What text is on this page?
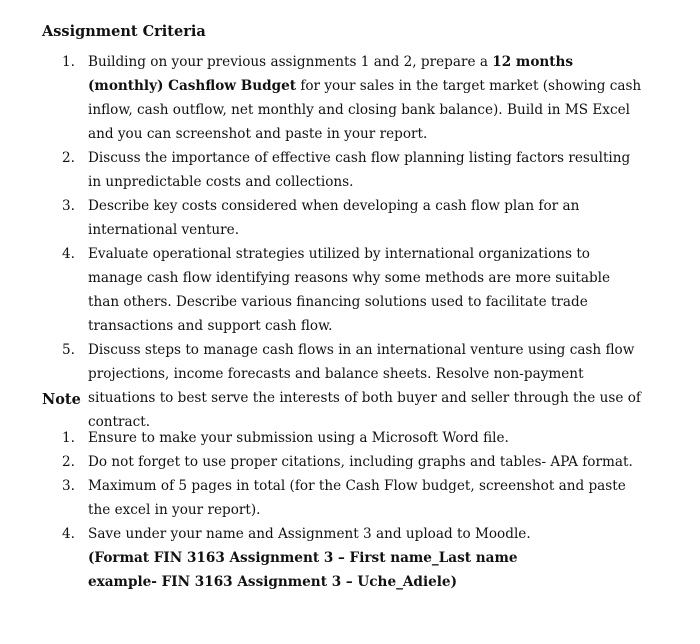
Assignment Criteria
1. Building on your previous assignments 1 and 2, prepare a 12 months (monthly) Cashflow Budget for your sales in the target market (showing cash inflow, cash outflow, net monthly and closing bank balance). Build in MS Excel and you can screenshot and paste in your report.
2. Discuss the importance of effective cash flow planning listing factors resulting in unpredictable costs and collections.
3. Describe key costs considered when developing a cash flow plan for an international venture.
4. Evaluate operational strategies utilized by international organizations to manage cash flow identifying reasons why some methods are more suitable than others. Describe various financing solutions used to facilitate trade transactions and support cash flow.
5. Discuss steps to manage cash flows in an international venture using cash flow projections, income forecasts and balance sheets. Resolve non-payment situations to best serve the interests of both buyer and seller through the use of contract.
Note
1. Ensure to make your submission using a Microsoft Word file.
2. Do not forget to use proper citations, including graphs and tables- APA format.
3. Maximum of 5 pages in total (for the Cash Flow budget, screenshot and paste the excel in your report).
4. Save under your name and Assignment 3 and upload to Moodle.
(Format FIN 3163 Assignment 3 – First name_Last name
example- FIN 3163 Assignment 3 – Uche_Adiele)
